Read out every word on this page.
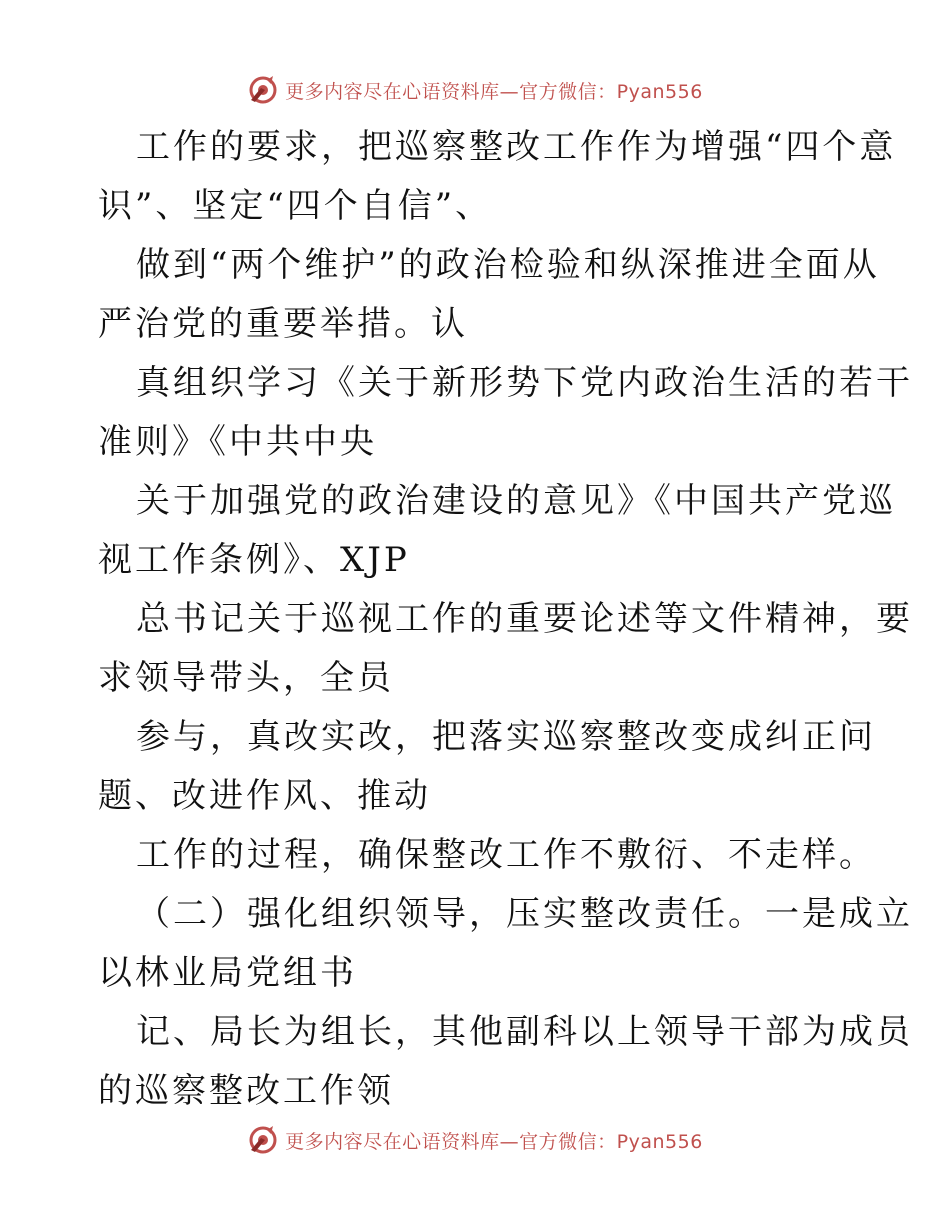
更多内容尽在心语资料库—官方微信：Pyan556
工作的要求，把巡察整改工作作为增强“四个意
识”、坚定“四个自信”、
做到“两个维护”的政治检验和纵深推进全面从
严治党的重要举措。认
真组织学习《关于新形势下党内政治生活的若干
准则》《中共中央
关于加强党的政治建设的意见》《中国共产党巡
视工作条例》、XJP
总书记关于巡视工作的重要论述等文件精神，要
求领导带头，全员
参与，真改实改，把落实巡察整改变成纠正问
题、改进作风、推动
工作的过程，确保整改工作不敷衍、不走样。
（二）强化组织领导，压实整改责任。一是成立
以林业局党组书
记、局长为组长，其他副科以上领导干部为成员
的巡察整改工作领
更多内容尽在心语资料库—官方微信：Pyan556
